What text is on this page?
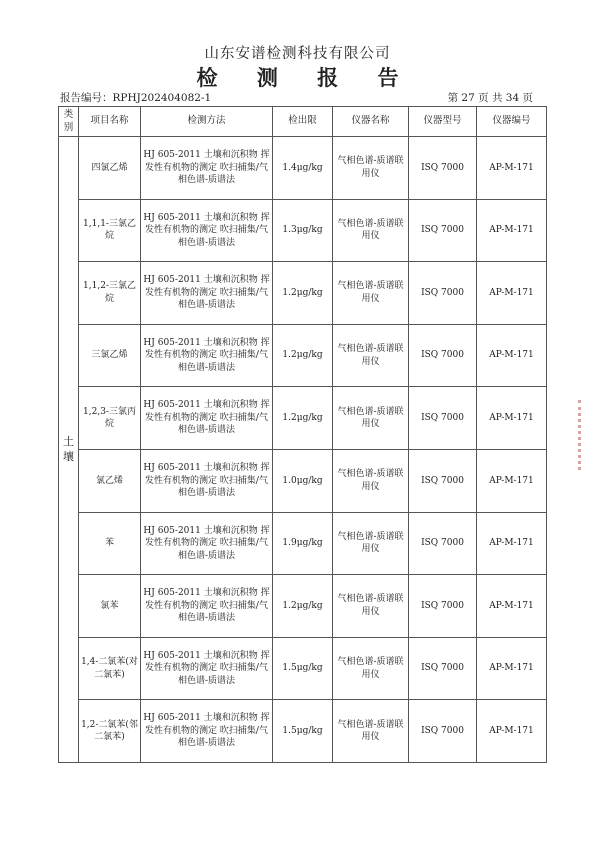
山东安谱检测科技有限公司
检 测 报 告
报告编号：RPHJ202404082-1	第 27 页 共 34 页
类别	项目名称	检测方法	检出限	仪器名称	仪器型号	仪器编号
土壤	四氯乙烯	HJ 605-2011 土壤和沉积物 挥发性有机物的测定 吹扫捕集/气相色谱-质谱法	1.4μg/kg	气相色谱-质谱联用仪	ISQ 7000	AP-M-171
	1,1,1-三氯乙烷	HJ 605-2011 土壤和沉积物 挥发性有机物的测定 吹扫捕集/气相色谱-质谱法	1.3μg/kg	气相色谱-质谱联用仪	ISQ 7000	AP-M-171
	1,1,2-三氯乙烷	HJ 605-2011 土壤和沉积物 挥发性有机物的测定 吹扫捕集/气相色谱-质谱法	1.2μg/kg	气相色谱-质谱联用仪	ISQ 7000	AP-M-171
	三氯乙烯	HJ 605-2011 土壤和沉积物 挥发性有机物的测定 吹扫捕集/气相色谱-质谱法	1.2μg/kg	气相色谱-质谱联用仪	ISQ 7000	AP-M-171
	1,2,3-三氯丙烷	HJ 605-2011 土壤和沉积物 挥发性有机物的测定 吹扫捕集/气相色谱-质谱法	1.2μg/kg	气相色谱-质谱联用仪	ISQ 7000	AP-M-171
	氯乙烯	HJ 605-2011 土壤和沉积物 挥发性有机物的测定 吹扫捕集/气相色谱-质谱法	1.0μg/kg	气相色谱-质谱联用仪	ISQ 7000	AP-M-171
	苯	HJ 605-2011 土壤和沉积物 挥发性有机物的测定 吹扫捕集/气相色谱-质谱法	1.9μg/kg	气相色谱-质谱联用仪	ISQ 7000	AP-M-171
	氯苯	HJ 605-2011 土壤和沉积物 挥发性有机物的测定 吹扫捕集/气相色谱-质谱法	1.2μg/kg	气相色谱-质谱联用仪	ISQ 7000	AP-M-171
	1,4-二氯苯(对二氯苯)	HJ 605-2011 土壤和沉积物 挥发性有机物的测定 吹扫捕集/气相色谱-质谱法	1.5μg/kg	气相色谱-质谱联用仪	ISQ 7000	AP-M-171
	1,2-二氯苯(邻二氯苯)	HJ 605-2011 土壤和沉积物 挥发性有机物的测定 吹扫捕集/气相色谱-质谱法	1.5μg/kg	气相色谱-质谱联用仪	ISQ 7000	AP-M-171
